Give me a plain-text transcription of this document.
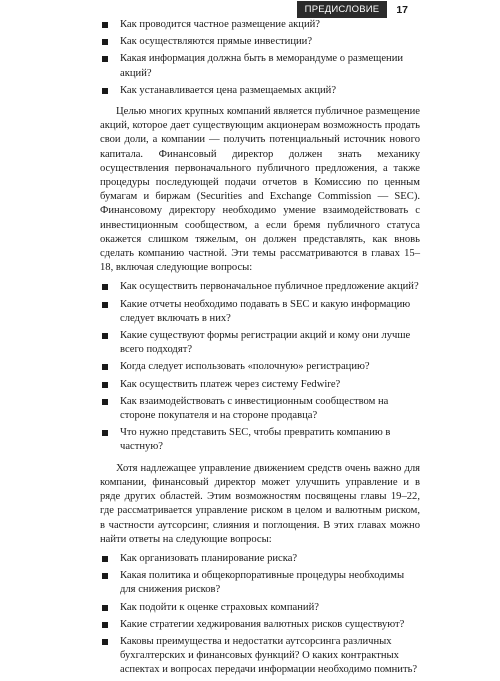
ПРЕДИСЛОВИЕ	17
Как проводится частное размещение акций?
Как осуществляются прямые инвестиции?
Какая информация должна быть в меморандуме о размещении акций?
Как устанавливается цена размещаемых акций?

Целью многих крупных компаний является публичное размещение акций, которое дает существующим акционерам возможность продать свои доли, а компании — получить потенциальный источник нового капитала. Финансовый директор должен знать механику осуществления первоначального публичного предложения, а также процедуры последующей подачи отчетов в Комиссию по ценным бумагам и биржам (Securities and Exchange Commission — SEC). Финансовому директору необходимо умение взаимодействовать с инвестиционным сообществом, а если бремя публичного статуса окажется слишком тяжелым, он должен представлять, как вновь сделать компанию частной. Эти темы рассматриваются в главах 15–18, включая следующие вопросы:

Как осуществить первоначальное публичное предложение акций?
Какие отчеты необходимо подавать в SEC и какую информацию следует включать в них?
Какие существуют формы регистрации акций и кому они лучше всего подходят?
Когда следует использовать «полочную» регистрацию?
Как осуществить платеж через систему Fedwire?
Как взаимодействовать с инвестиционным сообществом на стороне покупателя и на стороне продавца?
Что нужно представить SEC, чтобы превратить компанию в частную?

Хотя надлежащее управление движением средств очень важно для компании, финансовый директор может улучшить управление и в ряде других областей. Этим возможностям посвящены главы 19–22, где рассматривается управление риском в целом и валютным риском, в частности аутсорсинг, слияния и поглощения. В этих главах можно найти ответы на следующие вопросы:

Как организовать планирование риска?
Какая политика и общекорпоративные процедуры необходимы для снижения рисков?
Как подойти к оценке страховых компаний?
Какие стратегии хеджирования валютных рисков существуют?
Каковы преимущества и недостатки аутсорсинга различных бухгалтерских и финансовых функций? О каких контрактных аспектах и вопросах передачи информации необходимо помнить?
